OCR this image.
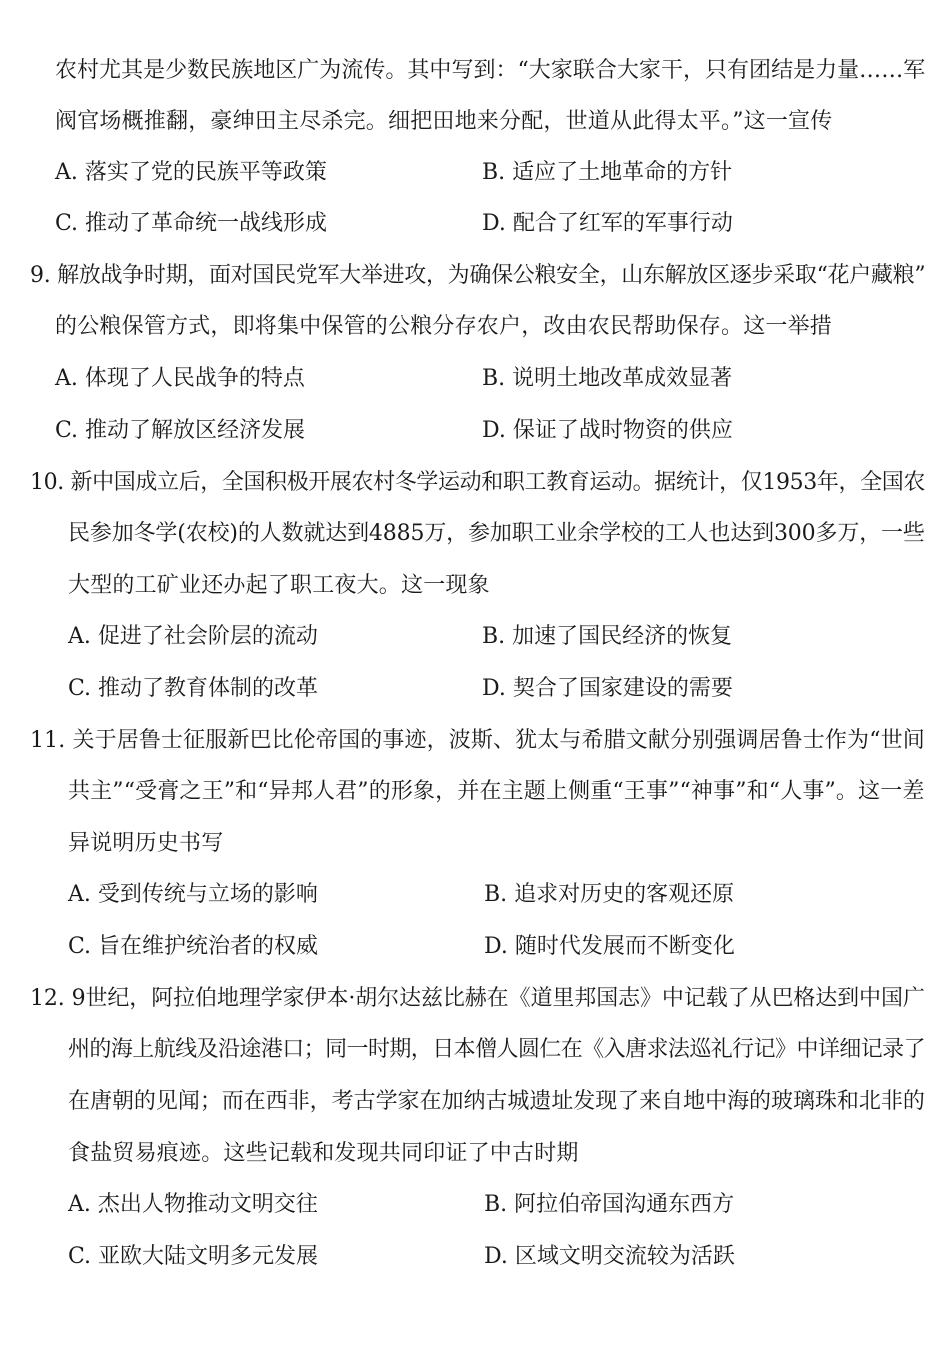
农村尤其是少数民族地区广为流传。其中写到：“大家联合大家干，只有团结是力量……军
阀官场概推翻，豪绅田主尽杀完。细把田地来分配，世道从此得太平。”这一宣传
A. 落实了党的民族平等政策	B. 适应了土地革命的方针
C. 推动了革命统一战线形成	D. 配合了红军的军事行动
9. 解放战争时期，面对国民党军大举进攻，为确保公粮安全，山东解放区逐步采取“花户藏粮”
的公粮保管方式，即将集中保管的公粮分存农户，改由农民帮助保存。这一举措
A. 体现了人民战争的特点	B. 说明土地改革成效显著
C. 推动了解放区经济发展	D. 保证了战时物资的供应
10. 新中国成立后，全国积极开展农村冬学运动和职工教育运动。据统计，仅1953年，全国农
民参加冬学(农校)的人数就达到4885万，参加职工业余学校的工人也达到300多万，一些
大型的工矿业还办起了职工夜大。这一现象
A. 促进了社会阶层的流动	B. 加速了国民经济的恢复
C. 推动了教育体制的改革	D. 契合了国家建设的需要
11. 关于居鲁士征服新巴比伦帝国的事迹，波斯、犹太与希腊文献分别强调居鲁士作为“世间
共主”“受膏之王”和“异邦人君”的形象，并在主题上侧重“王事”“神事”和“人事”。这一差
异说明历史书写
A. 受到传统与立场的影响	B. 追求对历史的客观还原
C. 旨在维护统治者的权威	D. 随时代发展而不断变化
12. 9世纪，阿拉伯地理学家伊本·胡尔达兹比赫在《道里邦国志》中记载了从巴格达到中国广
州的海上航线及沿途港口；同一时期，日本僧人圆仁在《入唐求法巡礼行记》中详细记录了
在唐朝的见闻；而在西非，考古学家在加纳古城遗址发现了来自地中海的玻璃珠和北非的
食盐贸易痕迹。这些记载和发现共同印证了中古时期
A. 杰出人物推动文明交往	B. 阿拉伯帝国沟通东西方
C. 亚欧大陆文明多元发展	D. 区域文明交流较为活跃
